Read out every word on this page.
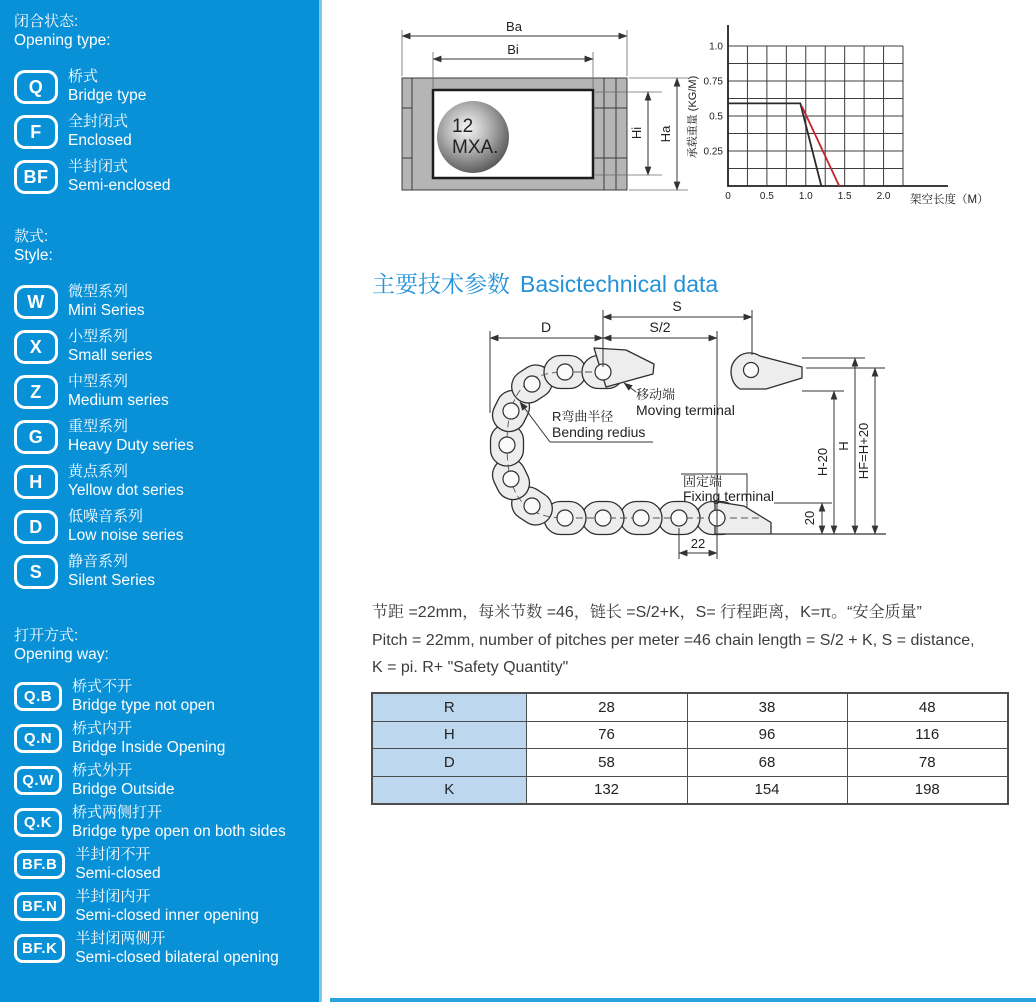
闭合状态:
Opening type:
Q	桥式
Bridge type
F	全封闭式
Enclosed
BF	半封闭式
Semi-enclosed
款式:
Style:
W	微型系列
Mini Series
X	小型系列
Small series
Z	中型系列
Medium series
G	重型系列
Heavy Duty series
H	黄点系列
Yellow dot series
D	低噪音系列
Low noise series
S	静音系列
Silent Series
打开方式:
Opening way:
Q.B
桥式不开
Bridge type not open
Q.N
桥式内开
Bridge Inside Opening
Q.W
桥式外开
Bridge Outside
Q.K
桥式两侧打开
Bridge type open on both sides
BF.B
半封闭不开
Semi-closed
BF.N
半封闭内开
Semi-closed inner opening
BF.K
半封闭两侧开
Semi-closed bilateral opening
12
MXA.
Ba
Bi
Hi Ha
0	0.5 1.0 1.5 2.0
0.25
0.5
0.75
1.0
承载重量 (KG/M)
架空长度（M）
主要技术参数 Basictechnical data
S
D	S/2
22
20
H-20
H HF=H+20
移动端
Moving terminal
R弯曲半径
Bending redius
固定端
Fixing terminal
节距 =22mm，每米节数 =46，链长 =S/2+K，S= 行程距离，K=π。“安全质量”
Pitch = 22mm, number of pitches per meter =46 chain length = S/2 + K, S = distance,
K = pi. R+ "Safety Quantity"
R	28	38	48
H	76	96	116
D	58	68	78
K	132	154	198
